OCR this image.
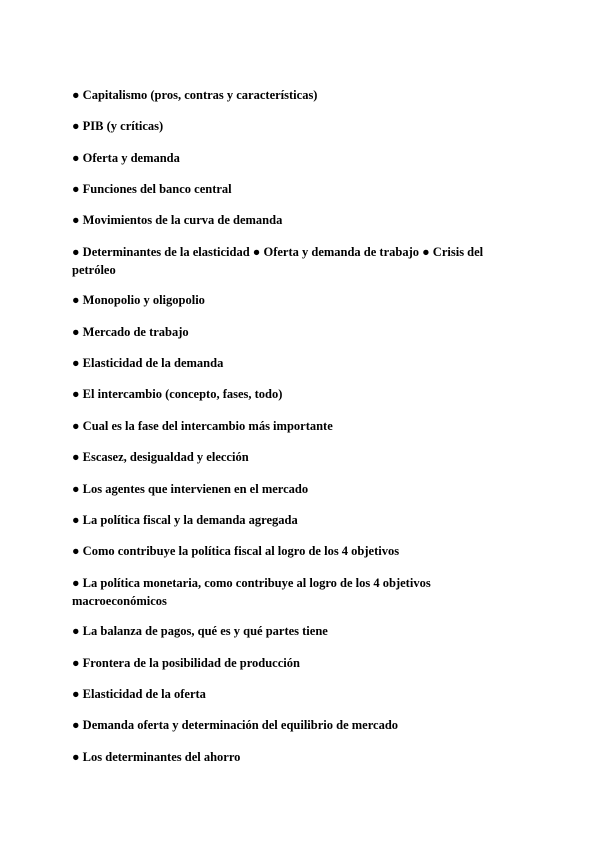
● Capitalismo (pros, contras y características)
● PIB (y críticas)
● Oferta y demanda
● Funciones del banco central
● Movimientos de la curva de demanda
● Determinantes de la elasticidad ● Oferta y demanda de trabajo ● Crisis del petróleo
● Monopolio y oligopolio
● Mercado de trabajo
● Elasticidad de la demanda
● El intercambio (concepto, fases, todo)
● Cual es la fase del intercambio más importante
● Escasez, desigualdad y elección
● Los agentes que intervienen en el mercado
● La política fiscal y la demanda agregada
● Como contribuye la política fiscal al logro de los 4 objetivos
● La política monetaria, como contribuye al logro de los 4 objetivos macroeconómicos
● La balanza de pagos, qué es y qué partes tiene
● Frontera de la posibilidad de producción
● Elasticidad de la oferta
● Demanda oferta y determinación del equilibrio de mercado
● Los determinantes del ahorro
